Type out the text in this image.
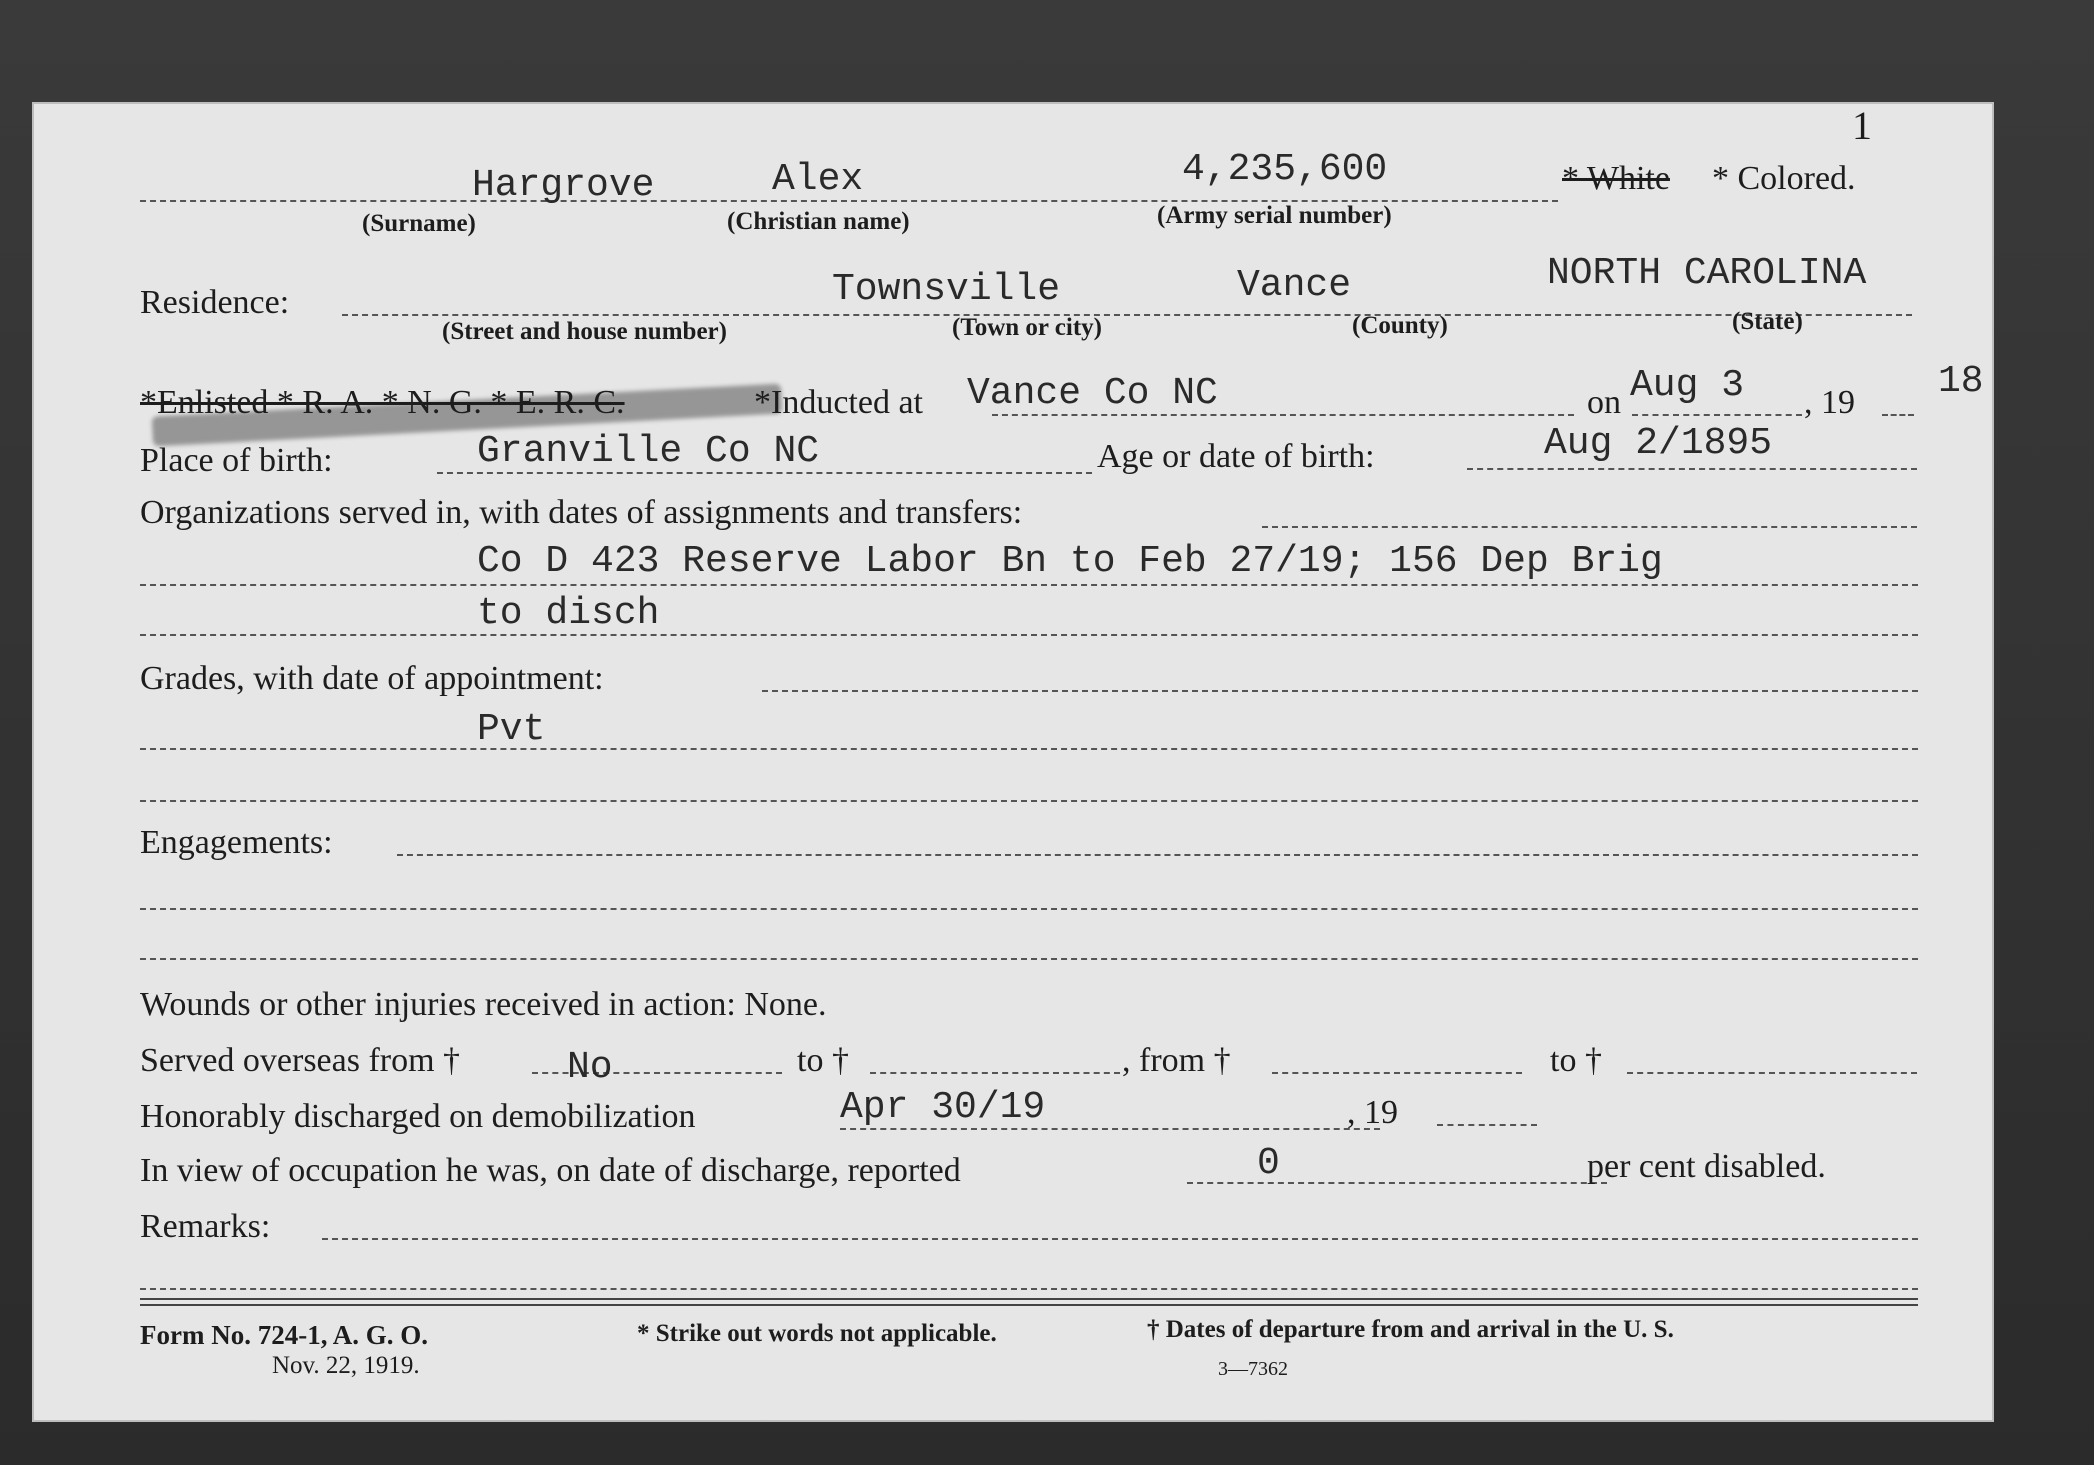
1
Hargrove	Alex	4,235,600	* White * Colored.
(Surname)	(Christian name)	(Army serial number)
Residence:	Townsville	Vance	NORTH CAROLINA
(Street and house number)	(Town or city)	(County)	(State)
*Enlisted * R. A. * N. G. * E. R. C.	*Inducted at Vance Co NC	on Aug 3 , 19 18
Place of birth:	Granville Co NC	Age or date of birth:	Aug 2/1895
Organizations served in, with dates of assignments and transfers:
Co D 423 Reserve Labor Bn to Feb 27/19; 156 Dep Brig
to disch
Grades, with date of appointment:
Pvt
Engagements:
Wounds or other injuries received in action: None.
Served overseas from †	No	to †	, from †	to †
Honorably discharged on demobilization	Apr 30/19	, 19
In view of occupation he was, on date of discharge, reported	0	per cent disabled.
Remarks:
Form No. 724-1, A. G. O.
Nov. 22, 1919.
* Strike out words not applicable.	† Dates of departure from and arrival in the U. S.
3—7362
